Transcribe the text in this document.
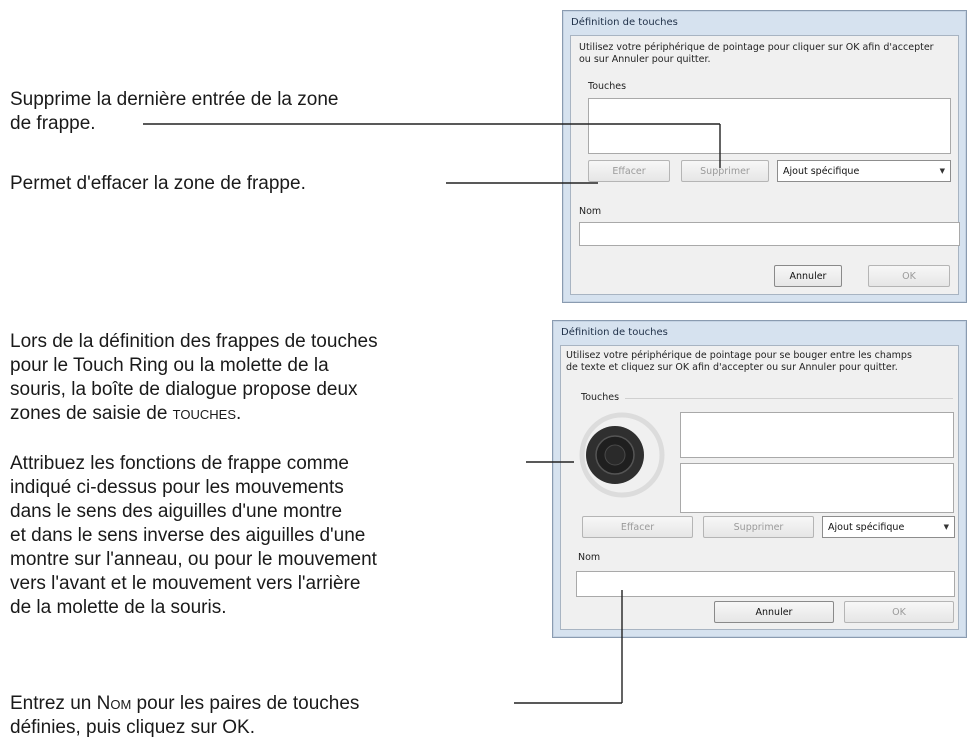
Supprime la dernière entrée de la zone
de frappe.

Permet d'effacer la zone de frappe.

Lors de la définition des frappes de touches
pour le Touch Ring ou la molette de la
souris, la boîte de dialogue propose deux
zones de saisie de touches.

Attribuez les fonctions de frappe comme
indiqué ci-dessus pour les mouvements
dans le sens des aiguilles d'une montre
et dans le sens inverse des aiguilles d'une
montre sur l'anneau, ou pour le mouvement
vers l'avant et le mouvement vers l'arrière
de la molette de la souris.

Entrez un Nom pour les paires de touches
définies, puis cliquez sur OK.

Définition de touches
Utilisez votre périphérique de pointage pour cliquer sur OK afin d'accepter
ou sur Annuler pour quitter.
Touches
Effacer	Supprimer	Ajout spécifique	▼
Nom
Annuler	OK
Définition de touches
Utilisez votre périphérique de pointage pour se bouger entre les champs
de texte et cliquez sur OK afin d'accepter ou sur Annuler pour quitter.
Touches
Effacer	Supprimer	Ajout spécifique	▼
Nom
Annuler	OK
